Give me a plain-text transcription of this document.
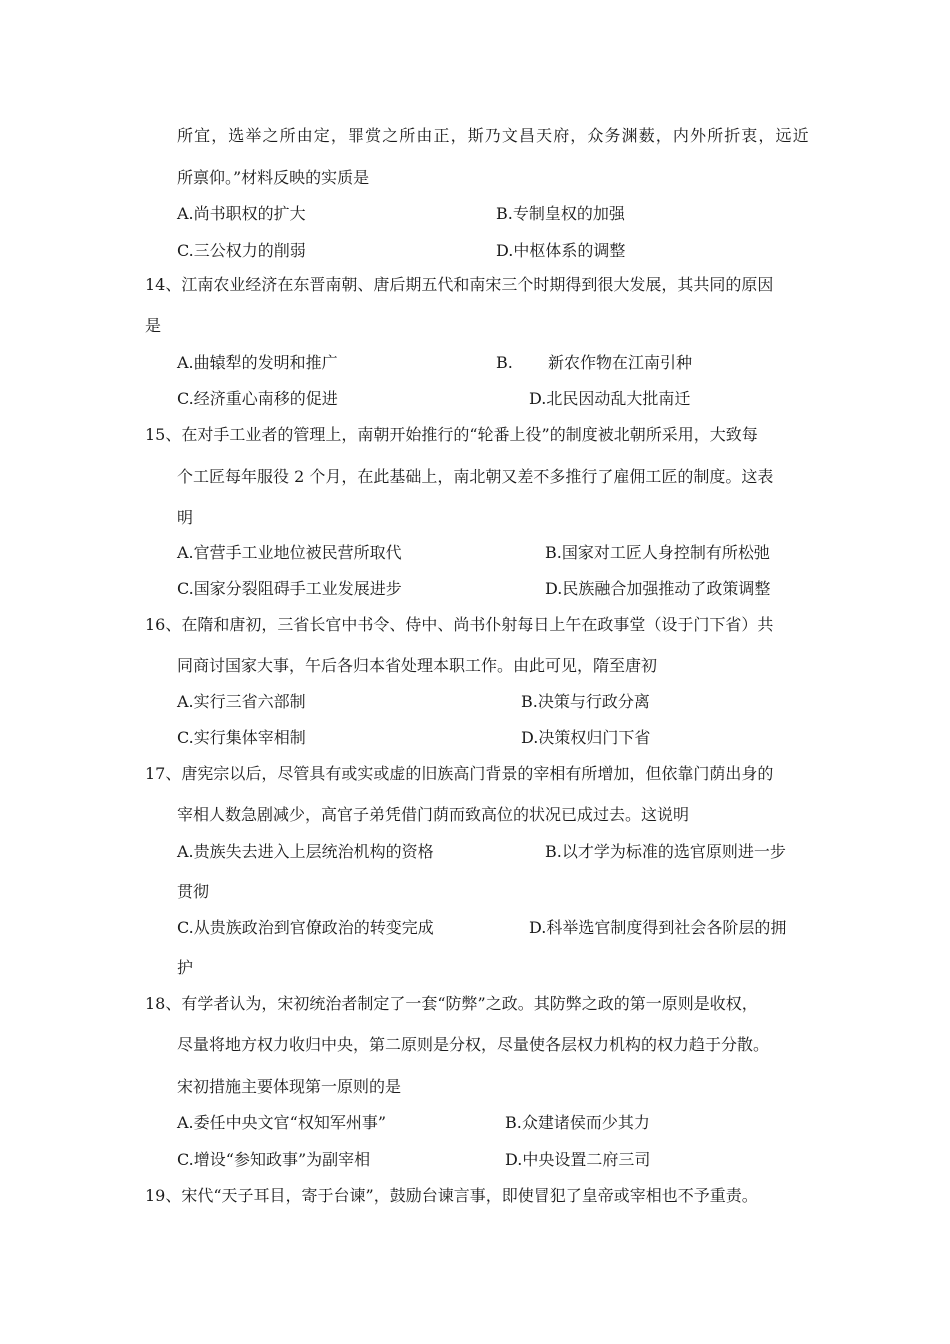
所宜，选举之所由定，罪赏之所由正，斯乃文昌天府，众务渊薮，内外所折衷，远近
所禀仰。”材料反映的实质是
A.尚书职权的扩大	B.专制皇权的加强
C.三公权力的削弱	D.中枢体系的调整
14、江南农业经济在东晋南朝、唐后期五代和南宋三个时期得到很大发展，其共同的原因
是
A.曲辕犁的发明和推广	B. 新农作物在江南引种
C.经济重心南移的促进	D.北民因动乱大批南迁
15、在对手工业者的管理上，南朝开始推行的“轮番上役”的制度被北朝所采用，大致每
个工匠每年服役 2 个月，在此基础上，南北朝又差不多推行了雇佣工匠的制度。这表
明
A.官营手工业地位被民营所取代	B.国家对工匠人身控制有所松弛
C.国家分裂阻碍手工业发展进步	D.民族融合加强推动了政策调整
16、在隋和唐初，三省长官中书令、侍中、尚书仆射每日上午在政事堂（设于门下省）共
同商讨国家大事，午后各归本省处理本职工作。由此可见，隋至唐初
A.实行三省六部制	B.决策与行政分离
C.实行集体宰相制	D.决策权归门下省
17、唐宪宗以后，尽管具有或实或虚的旧族高门背景的宰相有所增加，但依靠门荫出身的
宰相人数急剧减少，高官子弟凭借门荫而致高位的状况已成过去。这说明
A.贵族失去进入上层统治机构的资格	B.以才学为标准的选官原则进一步
贯彻
C.从贵族政治到官僚政治的转变完成	D.科举选官制度得到社会各阶层的拥
护
18、有学者认为，宋初统治者制定了一套“防弊”之政。其防弊之政的第一原则是收权，
尽量将地方权力收归中央，第二原则是分权，尽量使各层权力机构的权力趋于分散。
宋初措施主要体现第一原则的是
A.委任中央文官“权知军州事”	B.众建诸侯而少其力
C.增设“参知政事”为副宰相	D.中央设置二府三司
19、宋代“天子耳目，寄于台谏”，鼓励台谏言事，即使冒犯了皇帝或宰相也不予重责。
